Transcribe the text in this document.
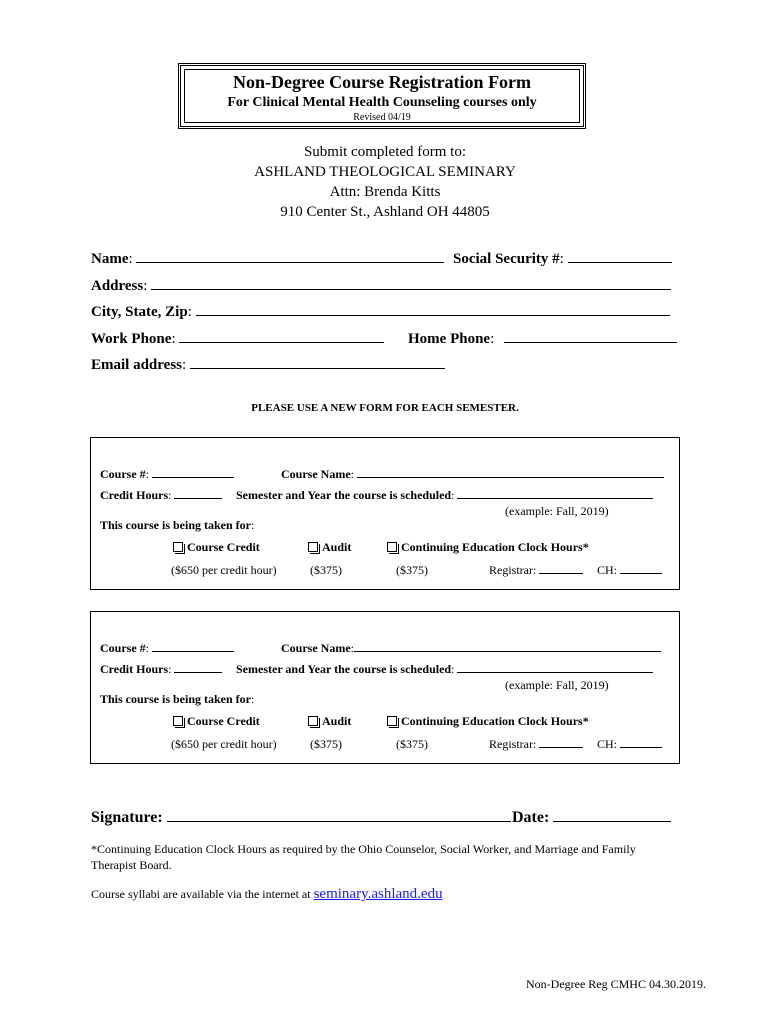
Non-Degree Course Registration Form
For Clinical Mental Health Counseling courses only
Revised 04/19
Submit completed form to:
ASHLAND THEOLOGICAL SEMINARY
Attn: Brenda Kitts
910 Center St., Ashland OH 44805
Name:	Social Security #:
Address:
City, State, Zip:
Work Phone:	Home Phone:
Email address:
PLEASE USE A NEW FORM FOR EACH SEMESTER.
Course #:	Course Name:
Credit Hours:	Semester and Year the course is scheduled:
(example: Fall, 2019)
This course is being taken for:
Course Credit	Audit	Continuing Education Clock Hours*
($650 per credit hour)	($375)	($375)	Registrar:	CH:
Course #:	Course Name:
Credit Hours:	Semester and Year the course is scheduled:
(example: Fall, 2019)
This course is being taken for:
Course Credit	Audit	Continuing Education Clock Hours*
($650 per credit hour)	($375)	($375)	Registrar:	CH:
Signature:	Date:
*Continuing Education Clock Hours as required by the Ohio Counselor, Social Worker, and Marriage and Family Therapist Board.
Course syllabi are available via the internet at seminary.ashland.edu
Non-Degree Reg CMHC 04.30.2019.
